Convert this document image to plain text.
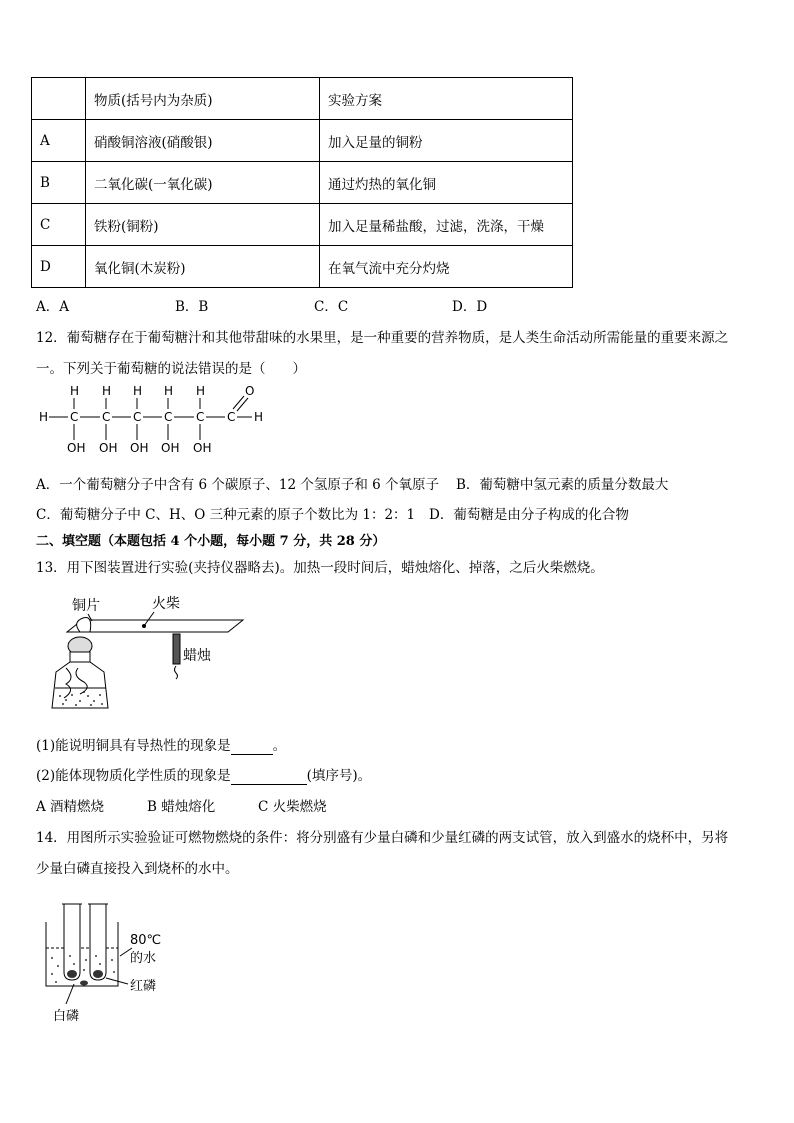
	物质(括号内为杂质)	实验方案
A	硝酸铜溶液(硝酸银)	加入足量的铜粉
B	二氧化碳(一氧化碳)	通过灼热的氧化铜
C	铁粉(铜粉)	加入足量稀盐酸，过滤，洗涤，干燥
D	氧化铜(木炭粉)	在氧气流中充分灼烧
A．A	B．B	C．C	D．D
12．葡萄糖存在于葡萄糖汁和其他带甜味的水果里，是一种重要的营养物质，是人类生命活动所需能量的重要来源之
一。下列关于葡萄糖的说法错误的是（　　）
H H H H H	O
H C C C C C C H
OH OH OH OH OH
A．一个葡萄糖分子中含有 6 个碳原子、12 个氢原子和 6 个氧原子 B．葡萄糖中氢元素的质量分数最大
C．葡萄糖分子中 C、H、O 三种元素的原子个数比为 1：2：1 D．葡萄糖是由分子构成的化合物
二、填空题（本题包括 4 个小题，每小题 7 分，共 28 分）
13．用下图装置进行实验(夹持仪器略去)。加热一段时间后，蜡烛熔化、掉落，之后火柴燃烧。
铜片	火柴
蜡烛
(1)能说明铜具有导热性的现象是	。
(2)能体现物质化学性质的现象是	(填序号)。
A 酒精燃烧	B 蜡烛熔化	C 火柴燃烧
14．用图所示实验验证可燃物燃烧的条件：将分别盛有少量白磷和少量红磷的两支试管，放入到盛水的烧杯中，另将
少量白磷直接投入到烧杯的水中。
80℃
的水
红磷
白磷
